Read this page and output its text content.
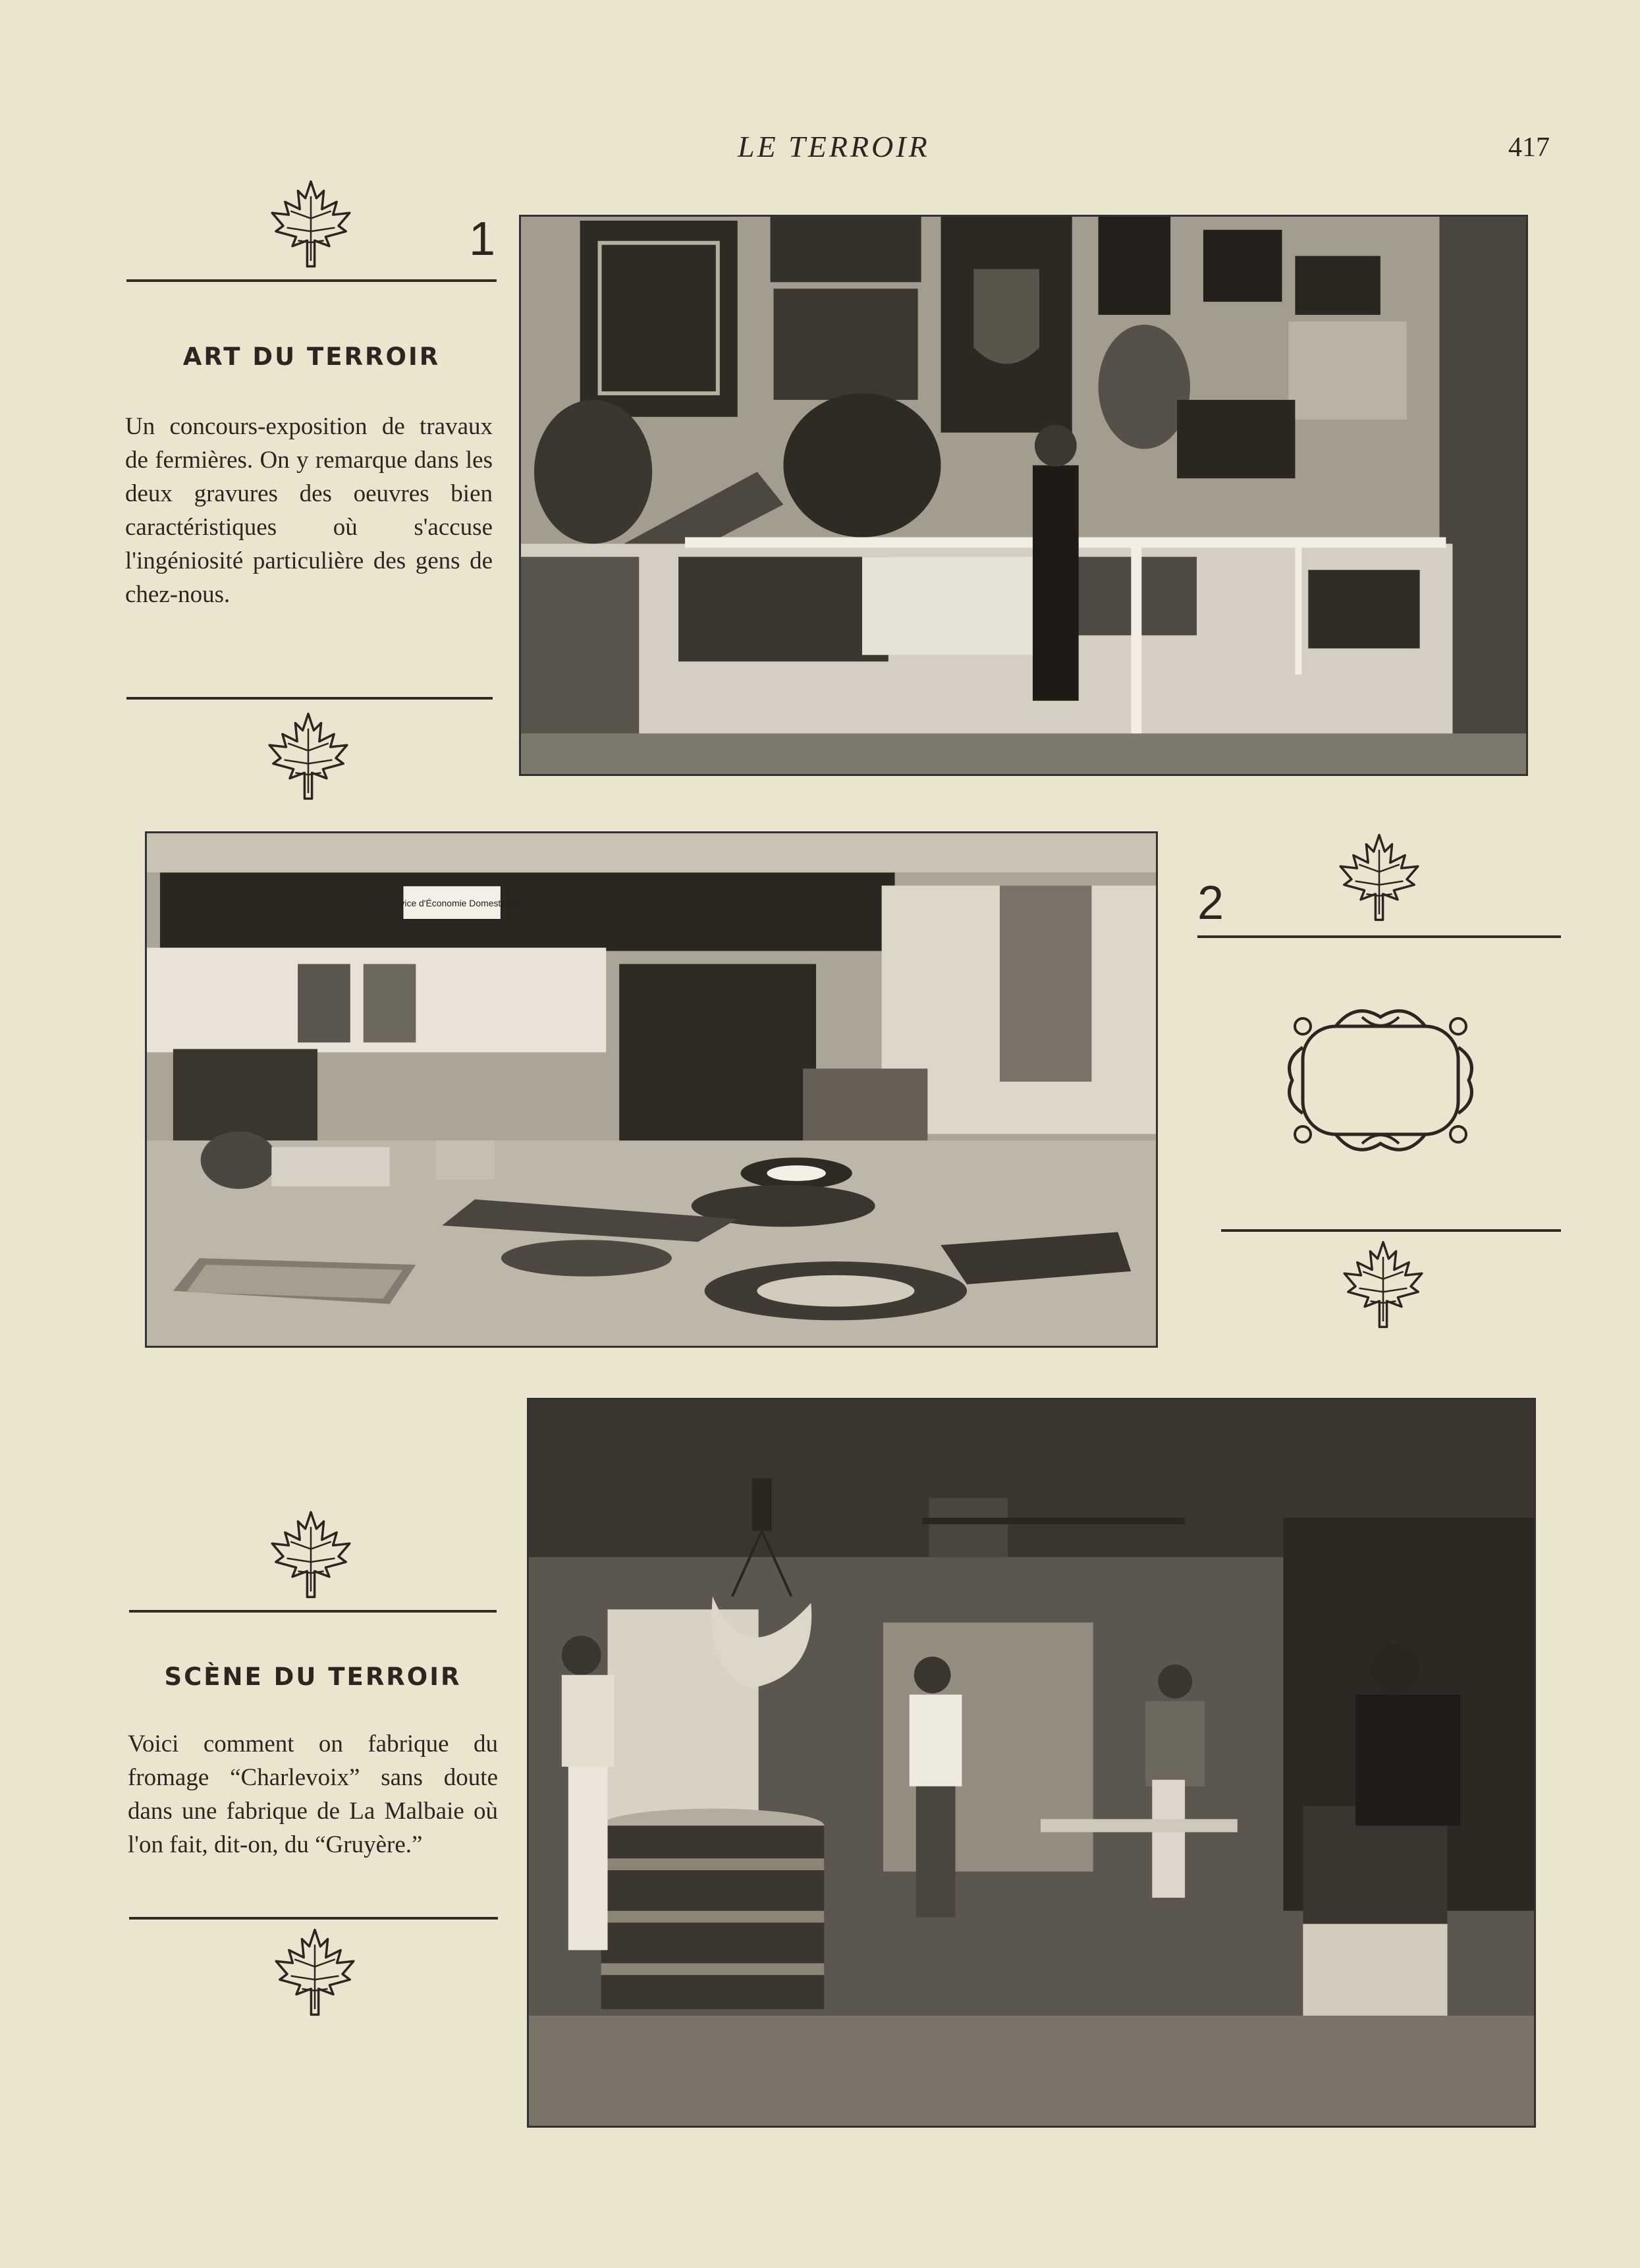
LE TERROIR	417
1
ART DU TERROIR
Un concours-exposition de travaux de fermières. On y remarque dans les deux gravures des oeuvres bien caractéristiques où s'accuse l'ingéniosité particulière des gens de chez-nous.
Service d'Économie Domestique	2
SCÈNE DU TERROIR
Voici comment on fabrique du fromage “Charlevoix” sans doute dans une fabrique de La Malbaie où l'on fait, dit-on, du “Gruyère.”
